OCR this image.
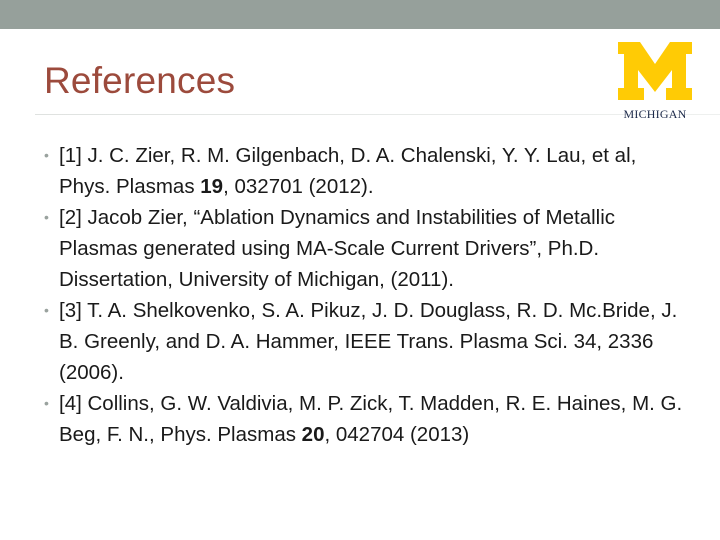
References
MICHIGAN
• [1] J. C. Zier, R. M. Gilgenbach, D. A. Chalenski, Y. Y. Lau, et al, Phys. Plasmas 19, 032701 (2012).
• [2] Jacob Zier, “Ablation Dynamics and Instabilities of Metallic Plasmas generated using MA-Scale Current Drivers”, Ph.D. Dissertation, University of Michigan, (2011).
• [3] T. A. Shelkovenko, S. A. Pikuz, J. D. Douglass, R. D. Mc.Bride, J. B. Greenly, and D. A. Hammer, IEEE Trans. Plasma Sci. 34, 2336 (2006).
• [4] Collins, G. W. Valdivia, M. P. Zick, T. Madden, R. E. Haines, M. G. Beg, F. N., Phys. Plasmas 20, 042704 (2013)
